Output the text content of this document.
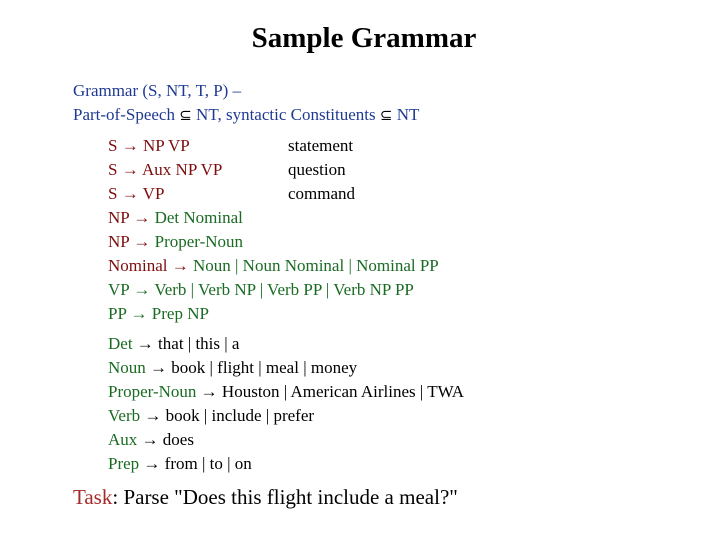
Sample Grammar
Grammar (S, NT, T, P) –
Part-of-Speech ⊆ NT, syntactic Constituents ⊆ NT
S → NP VP	statement
S → Aux NP VP	question
S → VP	command
NP → Det Nominal
NP → Proper-Noun
Nominal → Noun | Noun Nominal | Nominal PP
VP → Verb | Verb NP | Verb PP | Verb NP PP
PP → Prep NP
Det → that | this | a
Noun → book | flight | meal | money
Proper-Noun → Houston | American Airlines | TWA
Verb → book | include | prefer
Aux → does
Prep → from | to | on
Task: Parse "Does this flight include a meal?"
